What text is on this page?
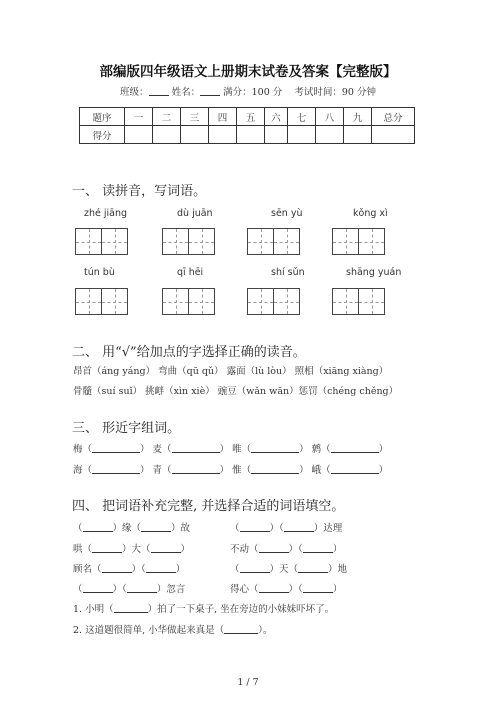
部编版四年级语文上册期末试卷及答案【完整版】
班级： 姓名： 满分：100 分 考试时间：90 分钟
题序	一	二	三	四	五	六	七	八	九	总分
得分										
一、 读拼音，写词语。
zhé jiāng	dù juān	sēn yù	kǒng xì
tún bù	qī hēi	shí sǔn	shāng yuán
二、 用“√”给加点的字选择正确的读音。
昂首（áng yáng） 弯曲（qū qǔ） 露面（lù lòu） 照相（xiāng xiàng）
骨髓（suí suǐ） 挑衅（xìn xiè） 豌豆（wǎn wān）惩罚（chéng chěng）
三、 形近字组词。
梅（	） 麦（	） 唯（	） 鹩（	）
海（	） 青（	） 惟（	） 峨（	）
四、 把词语补充完整, 并选择合适的词语填空。
（	）缘（	）故	（	）（	）达理
哄（	）大（	）	不动（	）（	）
顾名（	）（	）	（	）天（	）地
（	）（	）忽言	得心（	）（	）
1. 小明（	）拍了一下桌子, 坐在旁边的小妹妹吓坏了。
2. 这道题很简单, 小华做起来真是（	）。
1 / 7
